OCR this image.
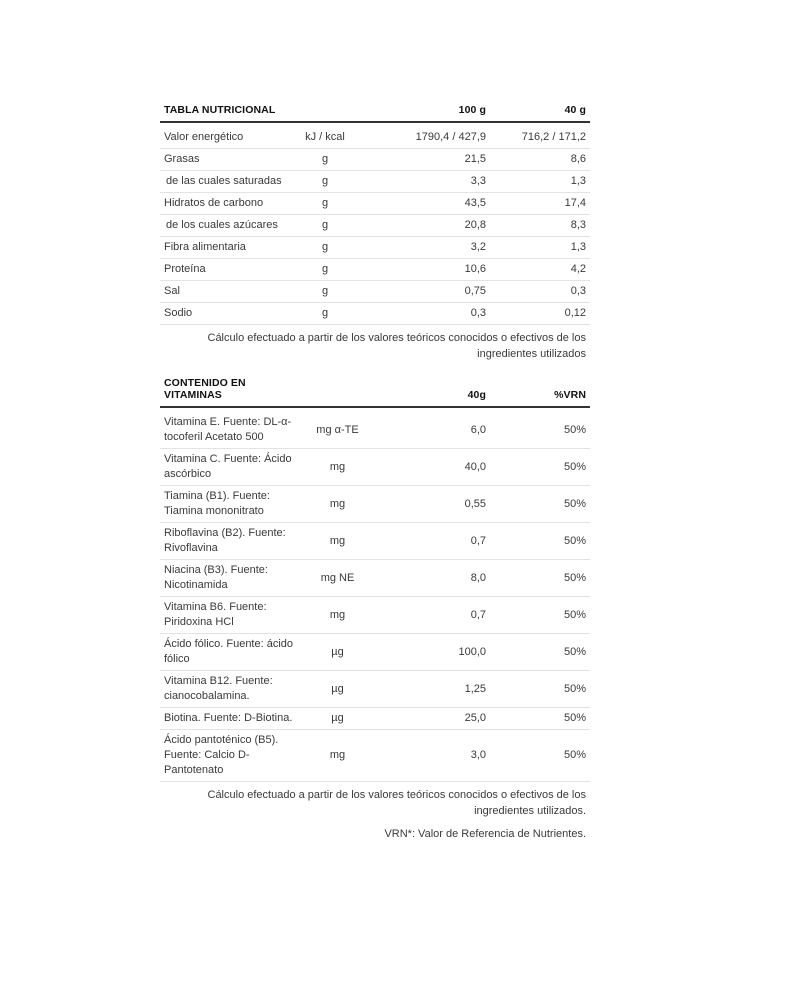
TABLA NUTRICIONAL		100 g	40 g
Valor energético	kJ / kcal	1790,4 / 427,9	716,2 / 171,2
Grasas	g	21,5	8,6
de las cuales saturadas	g	3,3	1,3
Hidratos de carbono	g	43,5	17,4
de los cuales azúcares	g	20,8	8,3
Fibra alimentaria	g	3,2	1,3
Proteína	g	10,6	4,2
Sal	g	0,75	0,3
Sodio	g	0,3	0,12
Cálculo efectuado a partir de los valores teóricos conocidos o efectivos de los ingredientes utilizados
CONTENIDO EN VITAMINAS		40g	%VRN
Vitamina E. Fuente: DL-α-tocoferil Acetato 500	mg α-TE	6,0	50%
Vitamina C. Fuente: Ácido ascórbico	mg	40,0	50%
Tiamina (B1). Fuente: Tiamina mononitrato	mg	0,55	50%
Riboflavina (B2). Fuente: Rivoflavina	mg	0,7	50%
Niacina (B3). Fuente: Nicotinamida	mg NE	8,0	50%
Vitamina B6. Fuente: Piridoxina HCl	mg	0,7	50%
Ácido fólico. Fuente: ácido fólico	µg	100,0	50%
Vitamina B12. Fuente: cianocobalamina.	µg	1,25	50%
Biotina. Fuente: D-Biotina.	µg	25,0	50%
Ácido pantoténico (B5). Fuente: Calcio D-Pantotenato	mg	3,0	50%
Cálculo efectuado a partir de los valores teóricos conocidos o efectivos de los ingredientes utilizados.
VRN*: Valor de Referencia de Nutrientes.
